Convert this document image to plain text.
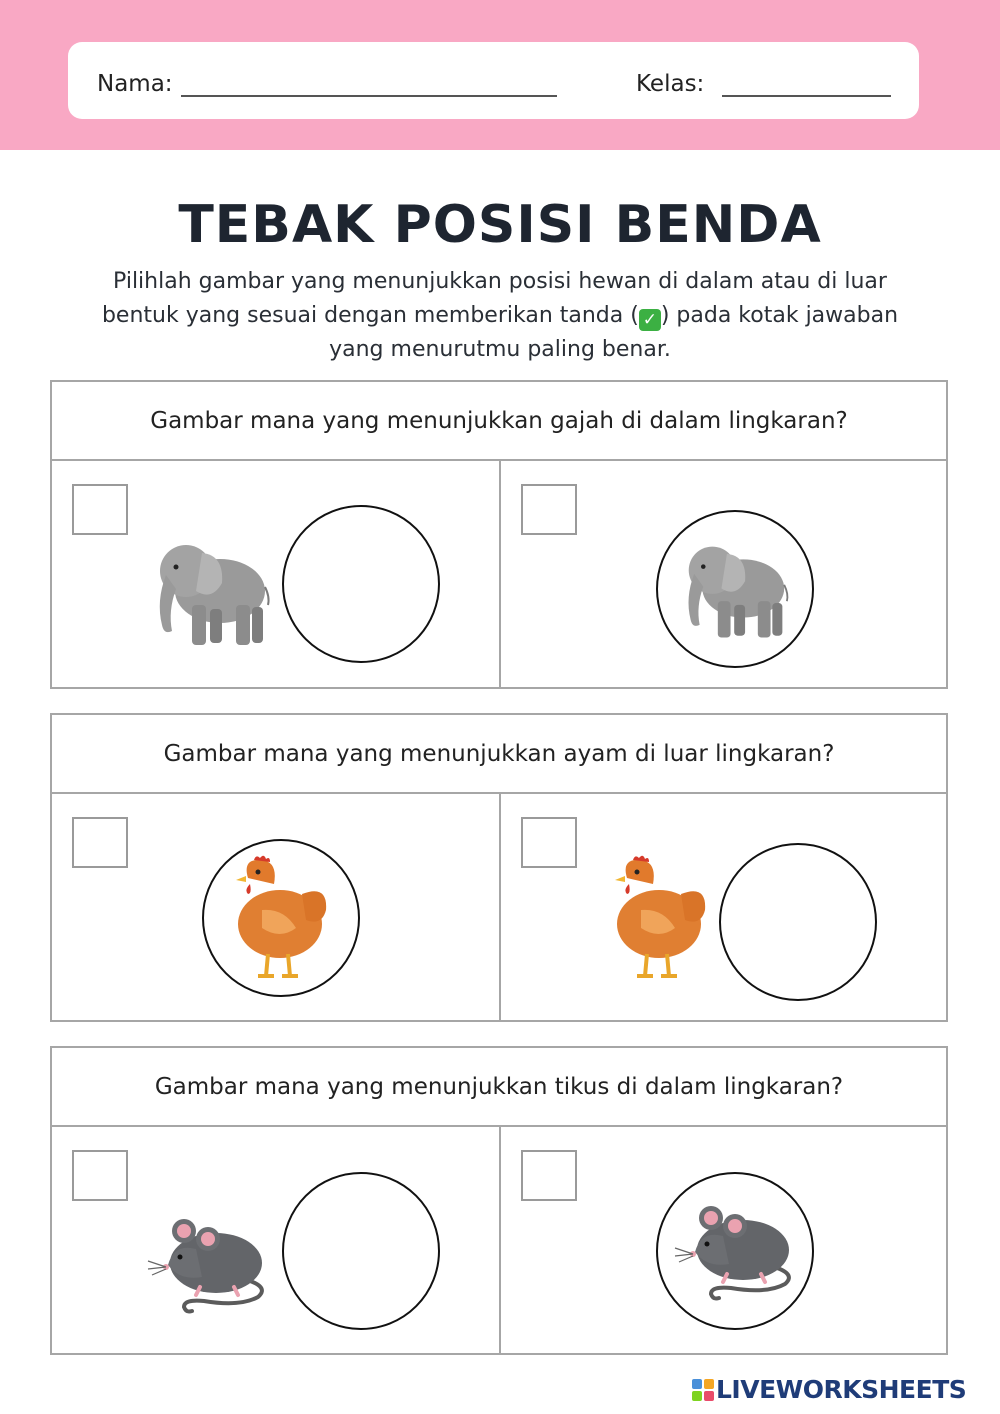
Nama:	Kelas:
TEBAK POSISI BENDA
Pilihlah gambar yang menunjukkan posisi hewan di dalam atau di luar
bentuk yang sesuai dengan memberikan tanda ( ✓ ) pada kotak jawaban
yang menurutmu paling benar.
Gambar mana yang menunjukkan gajah di dalam lingkaran?
Gambar mana yang menunjukkan ayam di luar lingkaran?
Gambar mana yang menunjukkan tikus di dalam lingkaran?
LIVEWORKSHEETS
